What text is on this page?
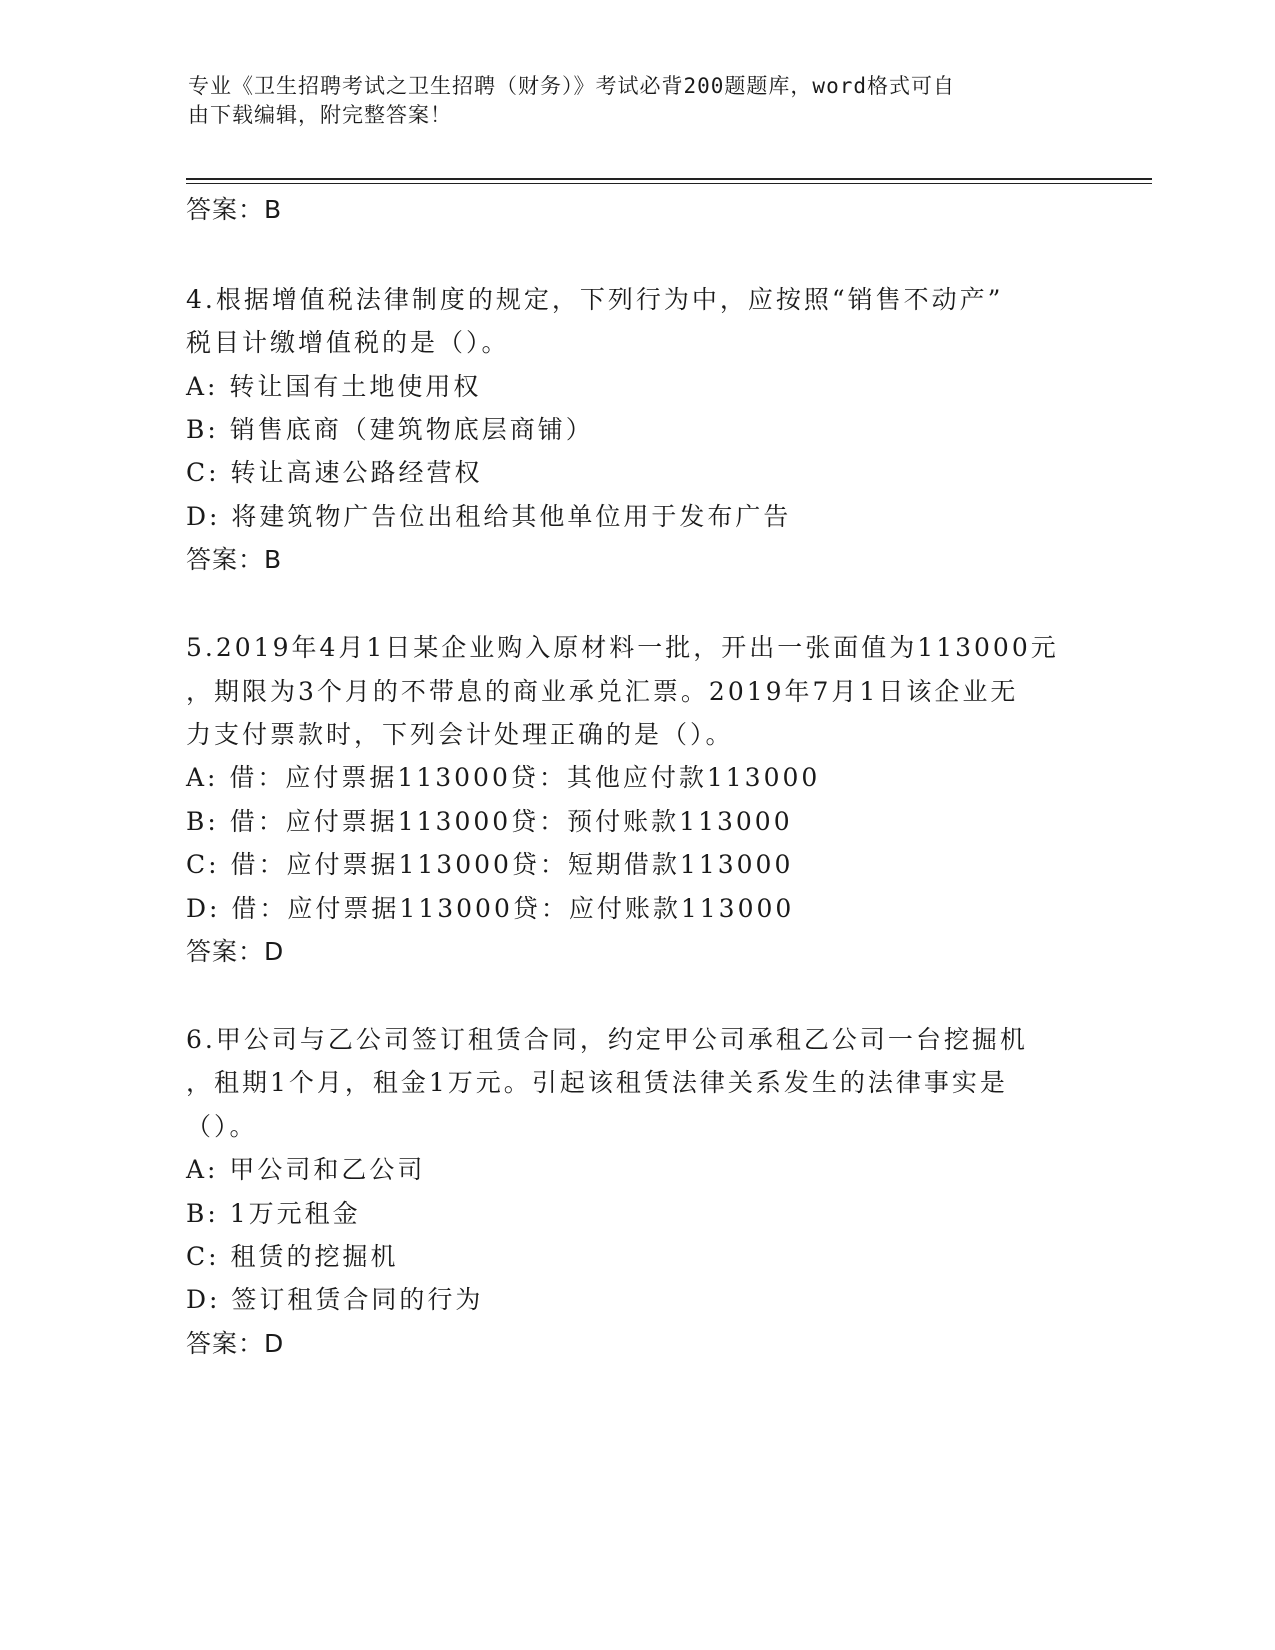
专业《卫生招聘考试之卫生招聘（财务）》考试必背200题题库，word格式可自
由下载编辑，附完整答案！
答案：B
4.根据增值税法律制度的规定，下列行为中，应按照“销售不动产”
税目计缴增值税的是（）。
A: 转让国有土地使用权
B: 销售底商（建筑物底层商铺）
C: 转让高速公路经营权
D: 将建筑物广告位出租给其他单位用于发布广告
答案：B
5.2019年4月1日某企业购入原材料一批，开出一张面值为113000元
，期限为3个月的不带息的商业承兑汇票。2019年7月1日该企业无
力支付票款时，下列会计处理正确的是（）。
A: 借：应付票据113000贷：其他应付款113000
B: 借：应付票据113000贷：预付账款113000
C: 借：应付票据113000贷：短期借款113000
D: 借：应付票据113000贷：应付账款113000
答案：D
6.甲公司与乙公司签订租赁合同，约定甲公司承租乙公司一台挖掘机
，租期1个月，租金1万元。引起该租赁法律关系发生的法律事实是
（）。
A: 甲公司和乙公司
B: 1万元租金
C: 租赁的挖掘机
D: 签订租赁合同的行为
答案：D
